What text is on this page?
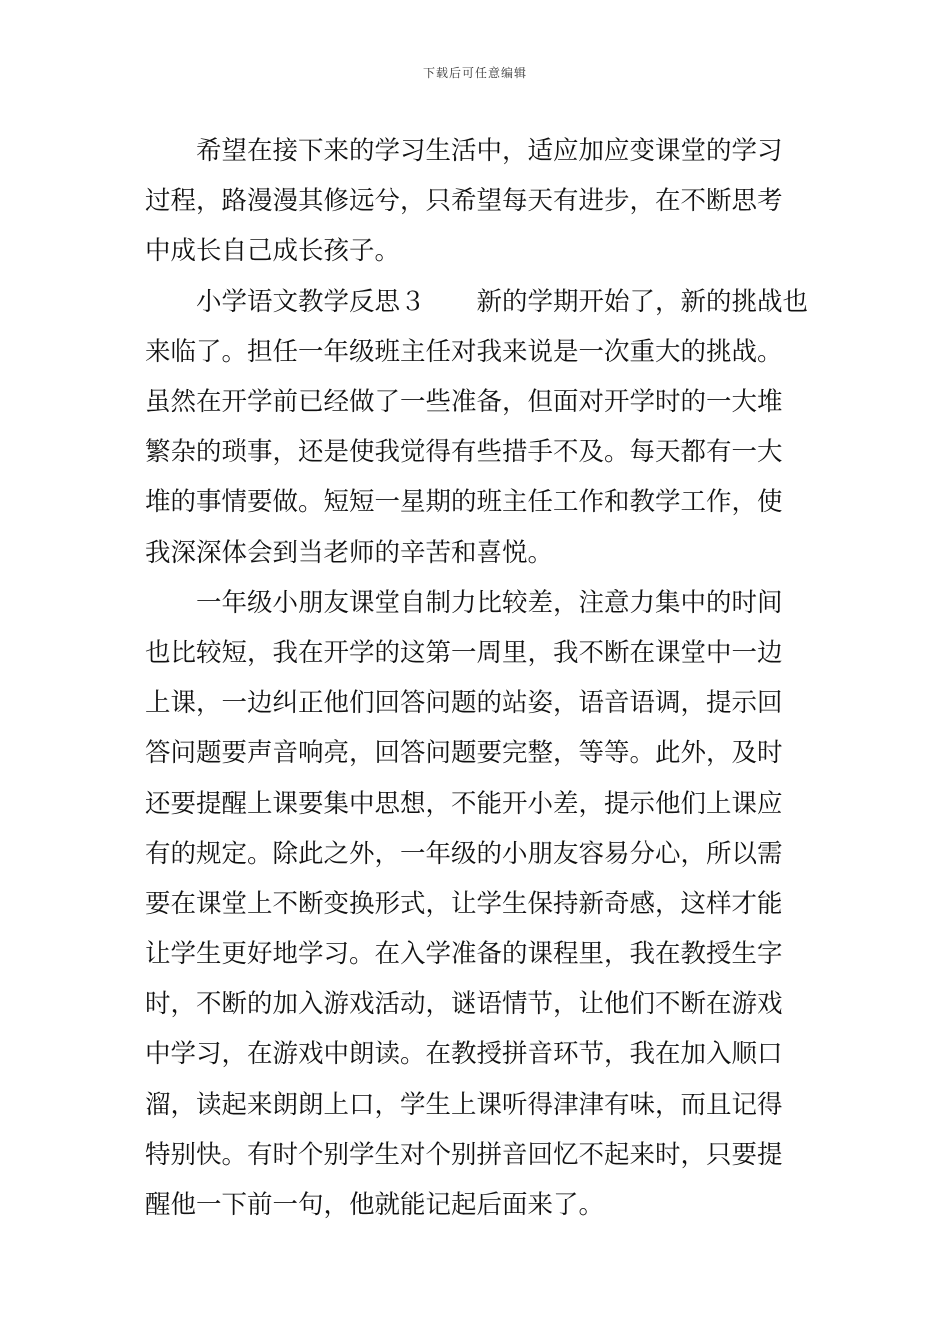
下载后可任意编辑
　　希望在接下来的学习生活中，适应加应变课堂的学习
过程，路漫漫其修远兮，只希望每天有进步，在不断思考
中成长自己成长孩子。
　　小学语文教学反思３　　新的学期开始了，新的挑战也
来临了。担任一年级班主任对我来说是一次重大的挑战。
虽然在开学前已经做了一些准备，但面对开学时的一大堆
繁杂的琐事，还是使我觉得有些措手不及。每天都有一大
堆的事情要做。短短一星期的班主任工作和教学工作，使
我深深体会到当老师的辛苦和喜悦。
　　一年级小朋友课堂自制力比较差，注意力集中的时间
也比较短，我在开学的这第一周里，我不断在课堂中一边
上课，一边纠正他们回答问题的站姿，语音语调，提示回
答问题要声音响亮，回答问题要完整，等等。此外，及时
还要提醒上课要集中思想，不能开小差，提示他们上课应
有的规定。除此之外，一年级的小朋友容易分心，所以需
要在课堂上不断变换形式，让学生保持新奇感，这样才能
让学生更好地学习。在入学准备的课程里，我在教授生字
时，不断的加入游戏活动，谜语情节，让他们不断在游戏
中学习，在游戏中朗读。在教授拼音环节，我在加入顺口
溜，读起来朗朗上口，学生上课听得津津有味，而且记得
特别快。有时个别学生对个别拼音回忆不起来时，只要提
醒他一下前一句，他就能记起后面来了。
